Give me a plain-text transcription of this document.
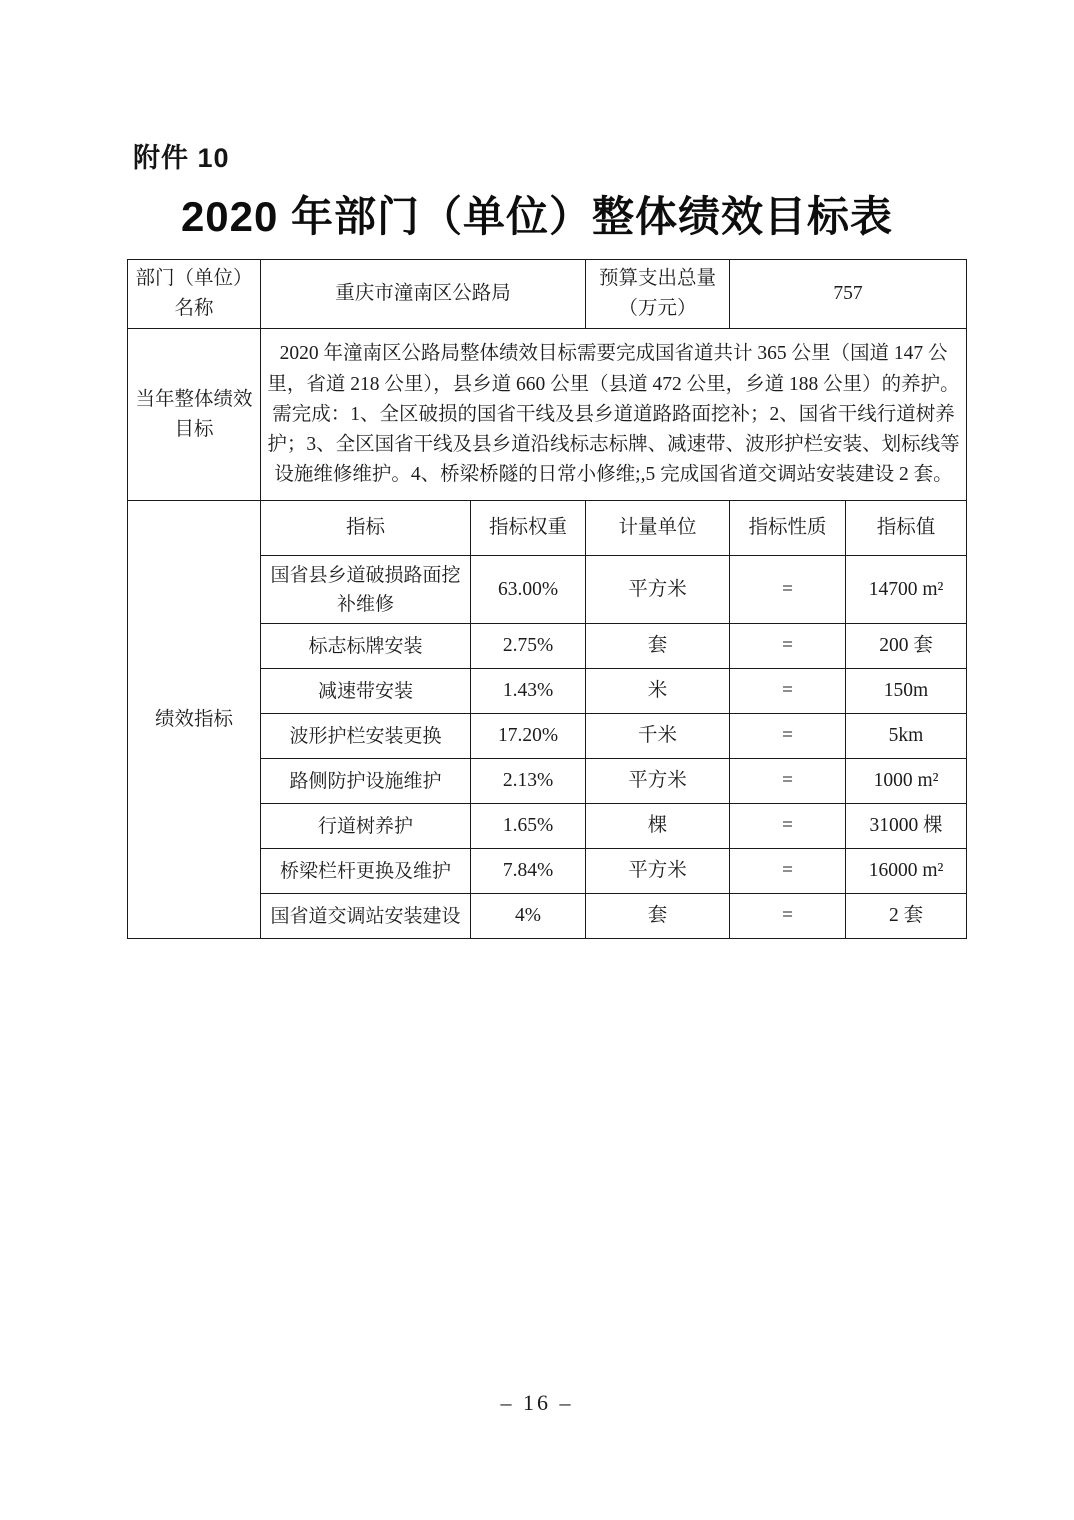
附件 10
2020 年部门（单位）整体绩效目标表
部门（单位）名称	重庆市潼南区公路局		预算支出总量（万元）	757	
当年整体绩效目标	2020 年潼南区公路局整体绩效目标需要完成国省道共计 365 公里（国道 147 公里，省道 218 公里），县乡道 660 公里（县道 472 公里，乡道 188 公里）的养护。需完成：1、全区破损的国省干线及县乡道道路路面挖补；2、国省干线行道树养护；3、全区国省干线及县乡道沿线标志标牌、减速带、波形护栏安装、划标线等设施维修维护。4、桥梁桥隧的日常小修维;,5 完成国省道交调站安装建设 2 套。				
绩效指标	指标	指标权重	计量单位	指标性质	指标值
	国省县乡道破损路面挖补维修	63.00%	平方米	=	14700 m²
	标志标牌安装	2.75%	套	=	200 套
	减速带安装	1.43%	米	=	150m
	波形护栏安装更换	17.20%	千米	=	5km
	路侧防护设施维护	2.13%	平方米	=	1000 m²
	行道树养护	1.65%	棵	=	31000 棵
	桥梁栏杆更换及维护	7.84%	平方米	=	16000 m²
	国省道交调站安装建设	4%	套	=	2 套
– 16 –
